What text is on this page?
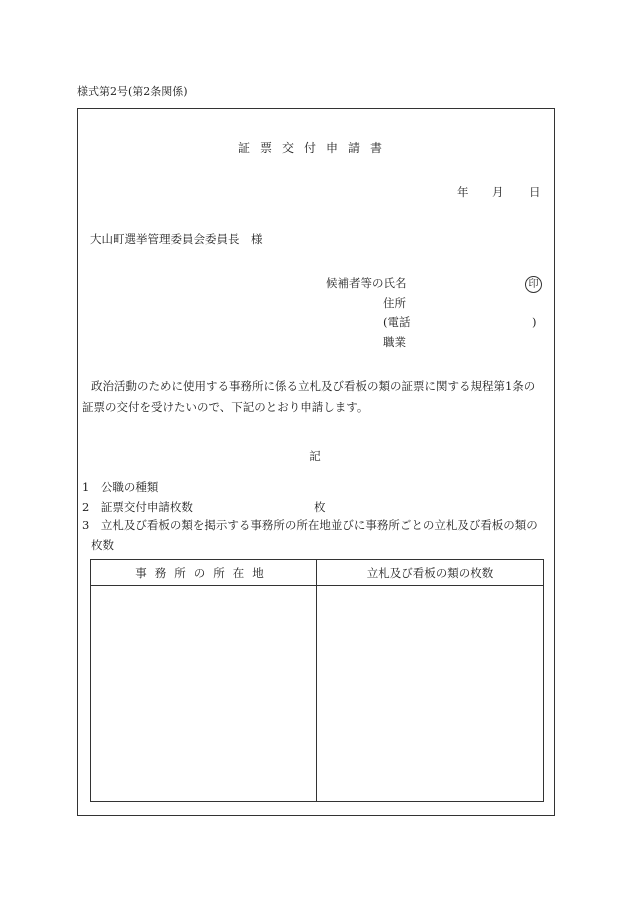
様式第2号(第2条関係)
証票交付申請書
年 月 日
大山町選挙管理委員会委員長　様
候補者等の氏名	印
住所
(電話	)
職業
政治活動のために使用する事務所に係る立札及び看板の類の証票に関する規程第1条の
証票の交付を受けたいので、下記のとおり申請します。
記
1　公職の種類
2　証票交付申請枚数	枚
3　立札及び看板の類を掲示する事務所の所在地並びに事務所ごとの立札及び看板の類の
枚数
事務所の所在地	立札及び看板の類の枚数
